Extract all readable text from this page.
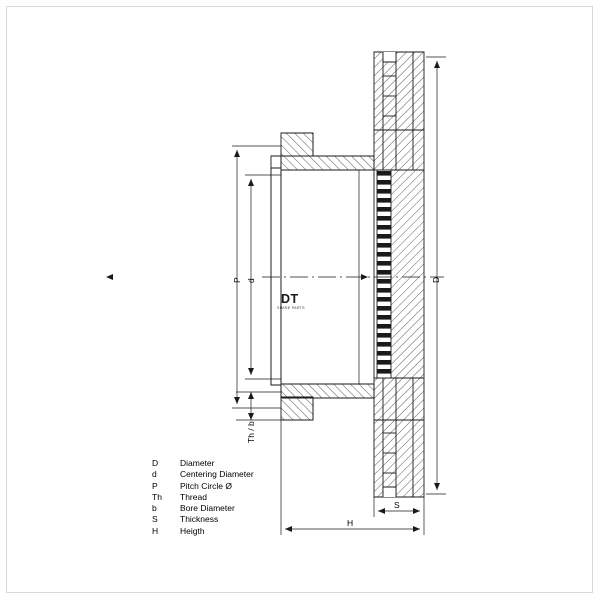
DT
SPARE PARTS
P d	D
Th / b
S
H
D	Diameter
d	Centering Diameter
P	Pitch Circle Ø
Th	Thread
b	Bore Diameter
S	Thickness
H	Heigth
